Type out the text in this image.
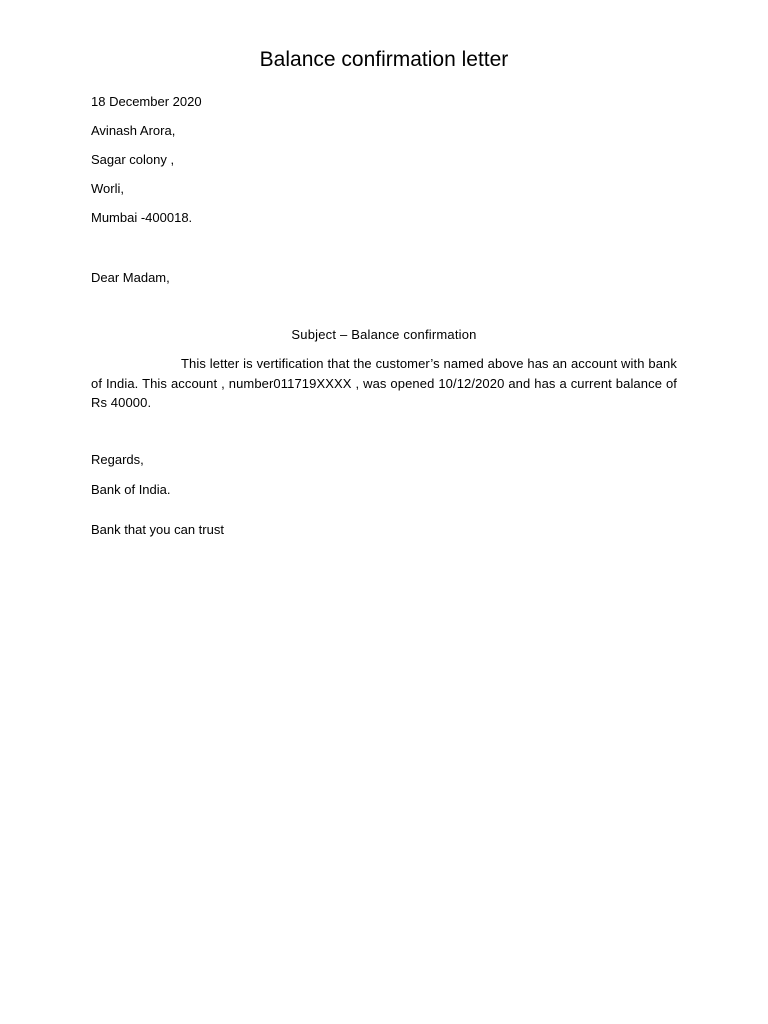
Balance confirmation letter
18 December 2020
Avinash Arora,
Sagar colony ,
Worli,
Mumbai -400018.
Dear Madam,
Subject – Balance confirmation
This letter is vertification that the customer’s named above has an account with bank of India. This account , number011719XXXX , was opened 10/12/2020 and has a current balance of Rs 40000.
Regards,
Bank of India.
Bank that you can trust
